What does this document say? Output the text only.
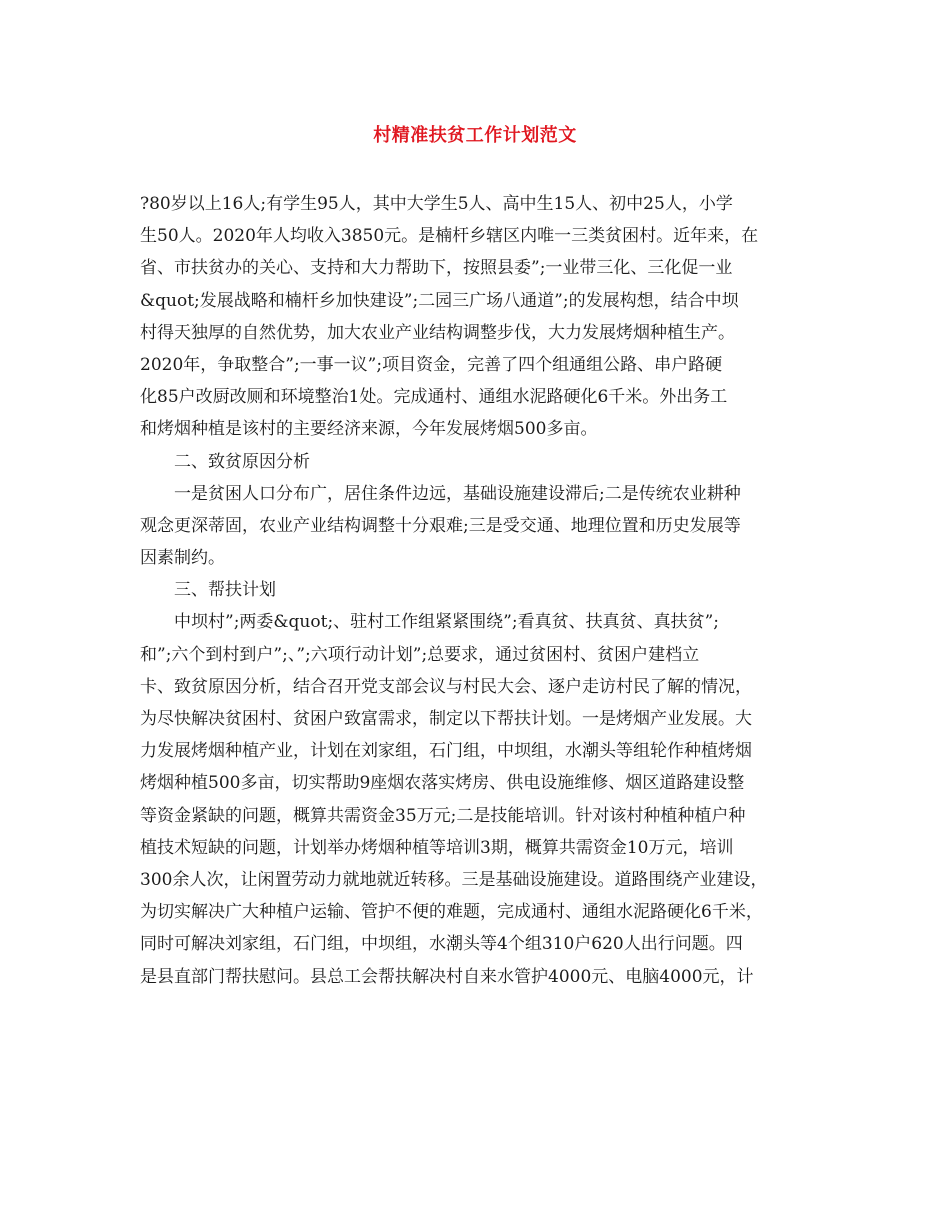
村精准扶贫工作计划范文
?80岁以上16人;有学生95人，其中大学生5人、高中生15人、初中25人，小学
生50人。2020年人均收入3850元。是楠杆乡辖区内唯一三类贫困村。近年来，在
省、市扶贫办的关心、支持和大力帮助下，按照县委”;一业带三化、三化促一业
&quot;发展战略和楠杆乡加快建设”;二园三广场八通道”;的发展构想，结合中坝
村得天独厚的自然优势，加大农业产业结构调整步伐，大力发展烤烟种植生产。
2020年，争取整合”;一事一议”;项目资金，完善了四个组通组公路、串户路硬
化85户改厨改厕和环境整治1处。完成通村、通组水泥路硬化6千米。外出务工
和烤烟种植是该村的主要经济来源，今年发展烤烟500多亩。
二、致贫原因分析
一是贫困人口分布广，居住条件边远，基础设施建设滞后;二是传统农业耕种
观念更深蒂固，农业产业结构调整十分艰难;三是受交通、地理位置和历史发展等
因素制约。
三、帮扶计划
中坝村”;两委&quot;、驻村工作组紧紧围绕”;看真贫、扶真贫、真扶贫”;
和”;六个到村到户”;、”;六项行动计划”;总要求，通过贫困村、贫困户建档立
卡、致贫原因分析，结合召开党支部会议与村民大会、逐户走访村民了解的情况，
为尽快解决贫困村、贫困户致富需求，制定以下帮扶计划。一是烤烟产业发展。大
力发展烤烟种植产业，计划在刘家组，石门组，中坝组，水潮头等组轮作种植烤烟
烤烟种植500多亩，切实帮助9座烟农落实烤房、供电设施维修、烟区道路建设整
等资金紧缺的问题，概算共需资金35万元;二是技能培训。针对该村种植种植户种
植技术短缺的问题，计划举办烤烟种植等培训3期，概算共需资金10万元，培训
300余人次，让闲置劳动力就地就近转移。三是基础设施建设。道路围绕产业建设，
为切实解决广大种植户运输、管护不便的难题，完成通村、通组水泥路硬化6千米，
同时可解决刘家组，石门组，中坝组，水潮头等4个组310户620人出行问题。四
是县直部门帮扶慰问。县总工会帮扶解决村自来水管护4000元、电脑4000元，计
